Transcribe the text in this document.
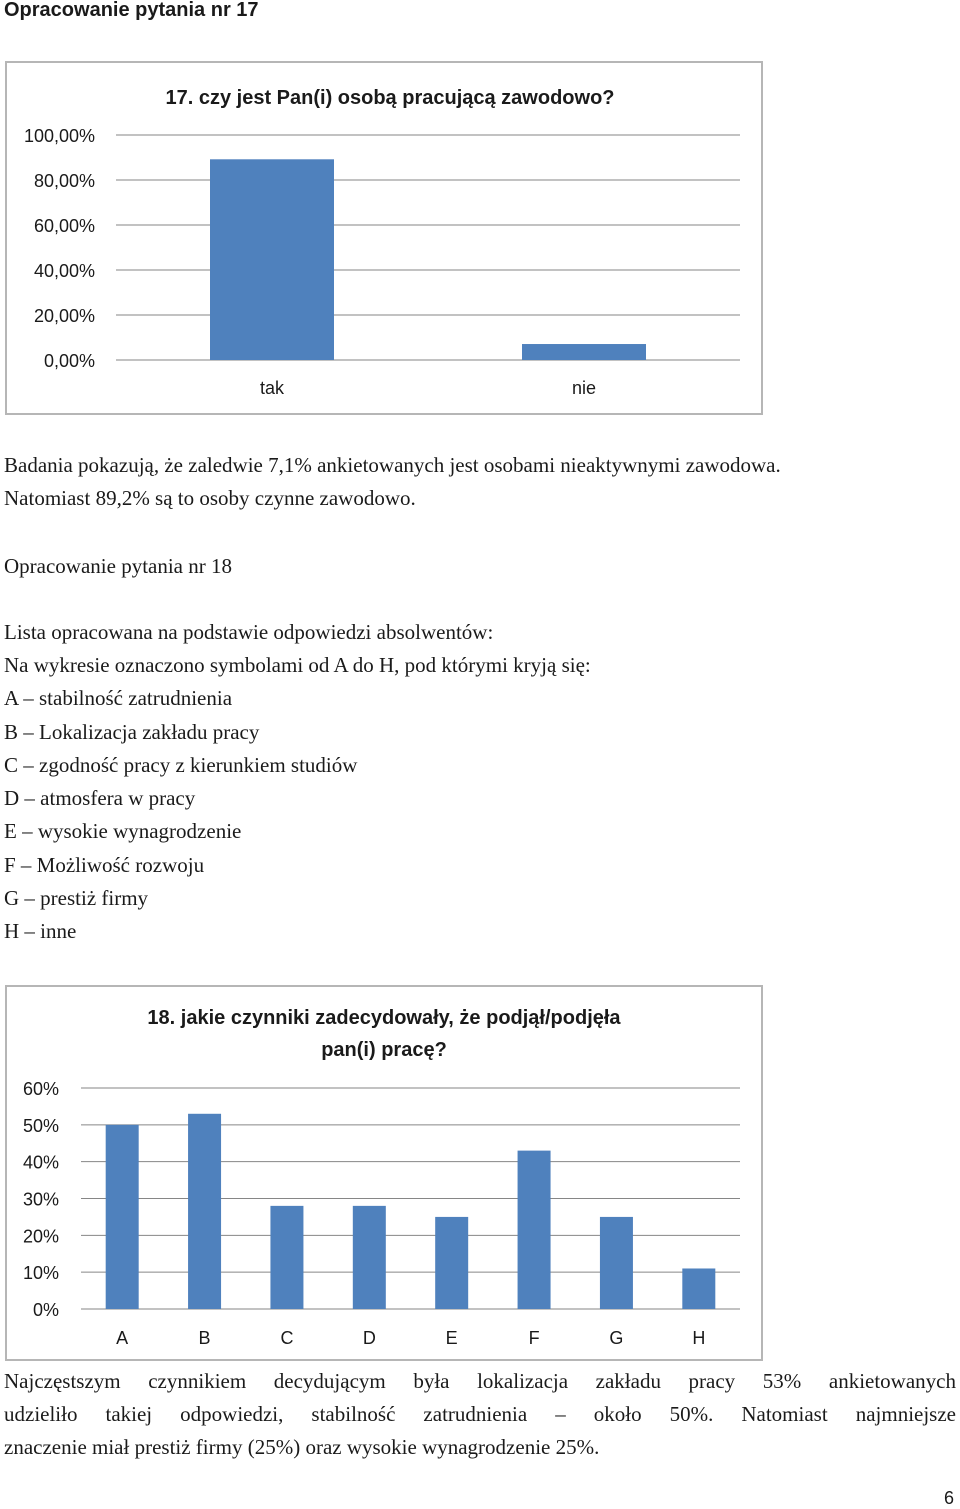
Opracowanie pytania nr 17
17. czy jest Pan(i) osobą pracującą zawodowo?
0,00%
20,00%
40,00%
60,00%
80,00%
100,00%
tak	nie
Badania pokazują, że zaledwie 7,1% ankietowanych jest osobami nieaktywnymi zawodowa.
Natomiast 89,2% są to osoby czynne zawodowo.
Opracowanie pytania nr 18
Lista opracowana na podstawie odpowiedzi absolwentów:
Na wykresie oznaczono symbolami od A do H, pod którymi kryją się:
A – stabilność zatrudnienia
B – Lokalizacja zakładu pracy
C – zgodność pracy z kierunkiem studiów
D – atmosfera w pracy
E – wysokie wynagrodzenie
F – Możliwość rozwoju
G – prestiż firmy
H – inne
18. jakie czynniki zadecydowały, że podjął/podjęła
pan(i) pracę?
0%
10%
20%
30%
40%
50%
60%
A	B	C	D	E	F	G	H
Najczęstszym czynnikiem decydującym była lokalizacja zakładu pracy 53% ankietowanych
udzieliło takiej odpowiedzi, stabilność zatrudnienia – około 50%. Natomiast najmniejsze
znaczenie miał prestiż firmy (25%) oraz wysokie wynagrodzenie 25%.
6
